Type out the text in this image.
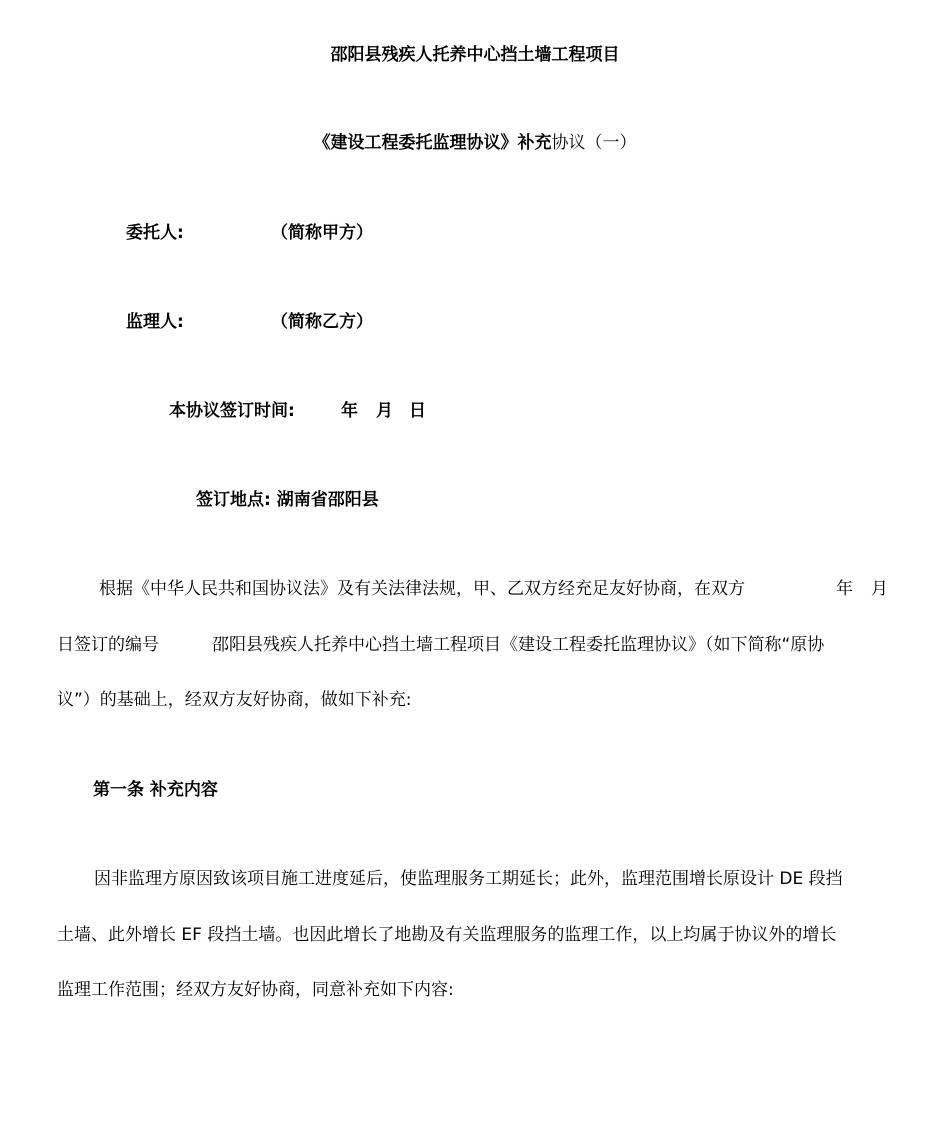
邵阳县残疾人托养中心挡土墙工程项目
《建设工程委托监理协议》补充协议（一）
委托人:	（简称甲方）
监理人:	（简称乙方）
本协议签订时间:	年 月 日
签订地点: 湖南省邵阳县
根据《中华人民共和国协议法》及有关法律法规，甲、乙双方经充足友好协商，在双方	年 月
日签订的编号	邵阳县残疾人托养中心挡土墙工程项目《建设工程委托监理协议》（如下简称“原协
议”）的基础上，经双方友好协商，做如下补充:
第一条 补充内容
因非监理方原因致该项目施工进度延后，使监理服务工期延长；此外，监理范围增长原设计 DE 段挡
土墙、此外增长 EF 段挡土墙。也因此增长了地勘及有关监理服务的监理工作，以上均属于协议外的增长
监理工作范围；经双方友好协商，同意补充如下内容:
